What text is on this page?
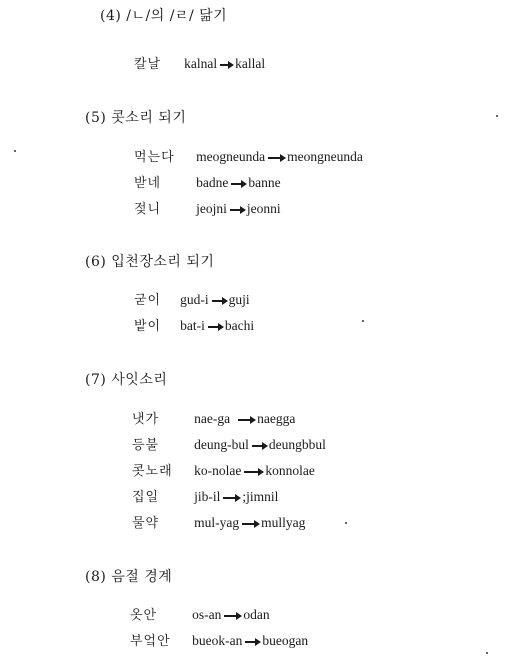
(4) /ㄴ/의 /ㄹ/ 닮기
칼날 kalnal kallal
(5) 콧소리 되기
먹는다 meogneunda meongneunda
받네	badne banne
젖니	jeojni jeonni
(6) 입천장소리 되기
굳이 gud-i guji
밭이 bat-i bachi
(7) 사잇소리
냇가	nae-ga naegga
등불	deung-bul deungbbul
콧노래 ko-nolae konnolae
집일	jib-il ;jimnil
물약	mul-yag mullyag
(8) 음절 경계
옷안	os-an odan
부엌안 bueok-an bueogan
